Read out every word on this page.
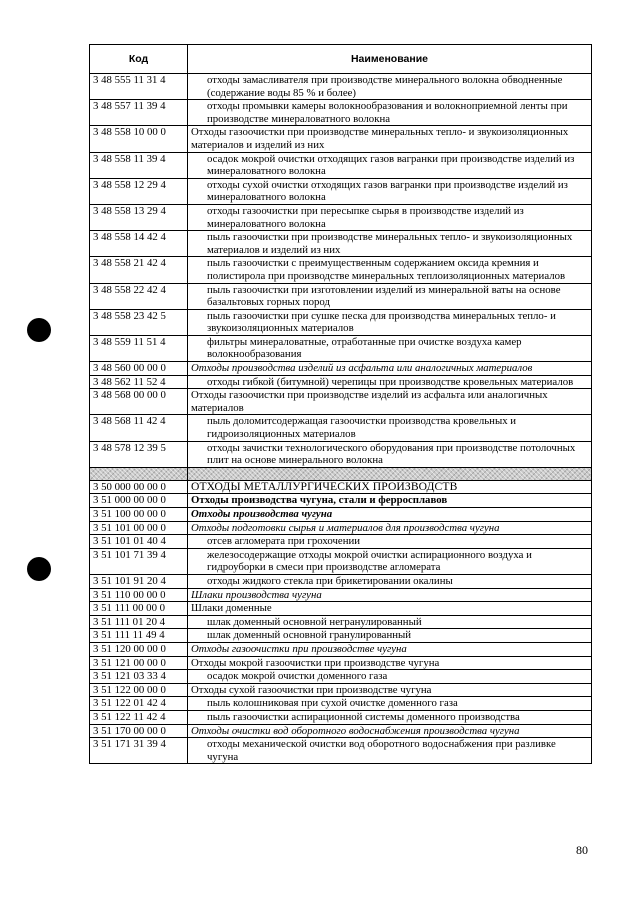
Код	Наименование
3 48 555 11 31 4	отходы замасливателя при производстве минерального волокна обводненные (содержание воды 85 % и более)
3 48 557 11 39 4	отходы промывки камеры волокнообразования и волокноприемной ленты при производстве минераловатного волокна
3 48 558 10 00 0	Отходы газоочистки при производстве минеральных тепло- и звукоизоляционных материалов и изделий из них
3 48 558 11 39 4	осадок мокрой очистки отходящих газов вагранки при производстве изделий из минераловатного волокна
3 48 558 12 29 4	отходы сухой очистки отходящих газов вагранки при производстве изделий из минераловатного волокна
3 48 558 13 29 4	отходы газоочистки при пересыпке сырья в производстве изделий из минераловатного волокна
3 48 558 14 42 4	пыль газоочистки при производстве минеральных тепло- и звукоизоляционных материалов и изделий из них
3 48 558 21 42 4	пыль газоочистки с преимущественным содержанием оксида кремния и полистирола при производстве минеральных теплоизоляционных материалов
3 48 558 22 42 4	пыль газоочистки при изготовлении изделий из минеральной ваты на основе базальтовых горных пород
3 48 558 23 42 5	пыль газоочистки при сушке песка для производства минеральных тепло- и звукоизоляционных материалов
3 48 559 11 51 4	фильтры минераловатные, отработанные при очистке воздуха камер волокнообразования
3 48 560 00 00 0	Отходы производства изделий из асфальта или аналогичных материалов
3 48 562 11 52 4	отходы гибкой (битумной) черепицы при производстве кровельных материалов
3 48 568 00 00 0	Отходы газоочистки при производстве изделий из асфальта или аналогичных материалов
3 48 568 11 42 4	пыль доломитсодержащая газоочистки производства кровельных и гидроизоляционных материалов
3 48 578 12 39 5	отходы зачистки технологического оборудования при производстве потолочных плит на основе минерального волокна

3 50 000 00 00 0	ОТХОДЫ МЕТАЛЛУРГИЧЕСКИХ ПРОИЗВОДСТВ
3 51 000 00 00 0	Отходы производства чугуна, стали и ферросплавов
3 51 100 00 00 0	Отходы производства чугуна
3 51 101 00 00 0	Отходы подготовки сырья и материалов для производства чугуна
3 51 101 01 40 4	отсев агломерата при грохочении
3 51 101 71 39 4	железосодержащие отходы мокрой очистки аспирационного воздуха и гидроуборки в смеси при производстве агломерата
3 51 101 91 20 4	отходы жидкого стекла при брикетировании окалины
3 51 110 00 00 0	Шлаки производства чугуна
3 51 111 00 00 0	Шлаки доменные
3 51 111 01 20 4	шлак доменный основной негранулированный
3 51 111 11 49 4	шлак доменный основной гранулированный
3 51 120 00 00 0	Отходы газоочистки при производстве чугуна
3 51 121 00 00 0	Отходы мокрой газоочистки при производстве чугуна
3 51 121 03 33 4	осадок мокрой очистки доменного газа
3 51 122 00 00 0	Отходы сухой газоочистки при производстве чугуна
3 51 122 01 42 4	пыль колошниковая при сухой очистке доменного газа
3 51 122 11 42 4	пыль газоочистки аспирационной системы доменного производства
3 51 170 00 00 0	Отходы очистки вод оборотного водоснабжения производства чугуна
3 51 171 31 39 4	отходы механической очистки вод оборотного водоснабжения при разливке чугуна
80
